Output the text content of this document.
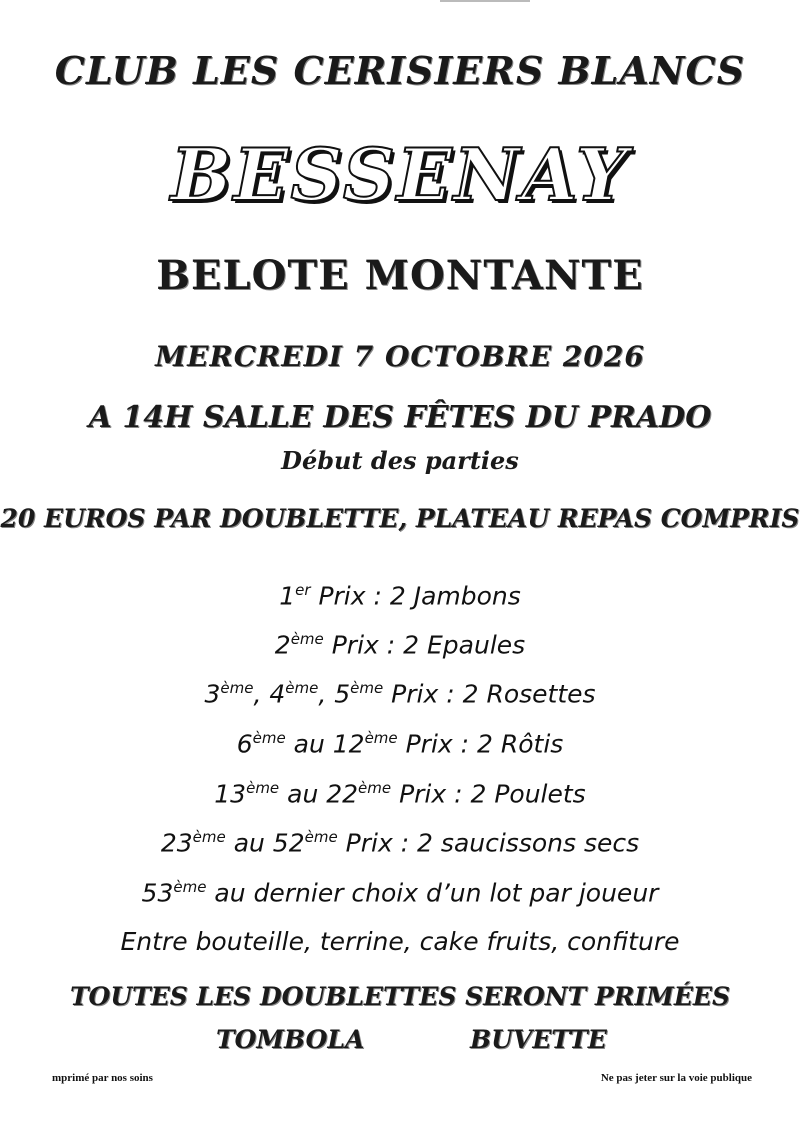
CLUB LES CERISIERS BLANCS
BESSENAY
BELOTE MONTANTE

MERCREDI 7 OCTOBRE 2026

A 14H SALLE DES FÊTES DU PRADO

Début des parties

20 EUROS PAR DOUBLETTE, PLATEAU REPAS COMPRIS

1er Prix : 2 Jambons

2ème Prix : 2 Epaules

3ème, 4ème, 5ème Prix : 2 Rosettes

6ème au 12ème Prix : 2 Rôtis

13ème au 22ème Prix : 2 Poulets

23ème au 52ème Prix : 2 saucissons secs

53ème au dernier choix d’un lot par joueur

Entre bouteille, terrine, cake fruits, confiture

TOUTES LES DOUBLETTES SERONT PRIMÉES

TOMBOLA	BUVETTE

mprimé par nos soins	Ne pas jeter sur la voie publique
